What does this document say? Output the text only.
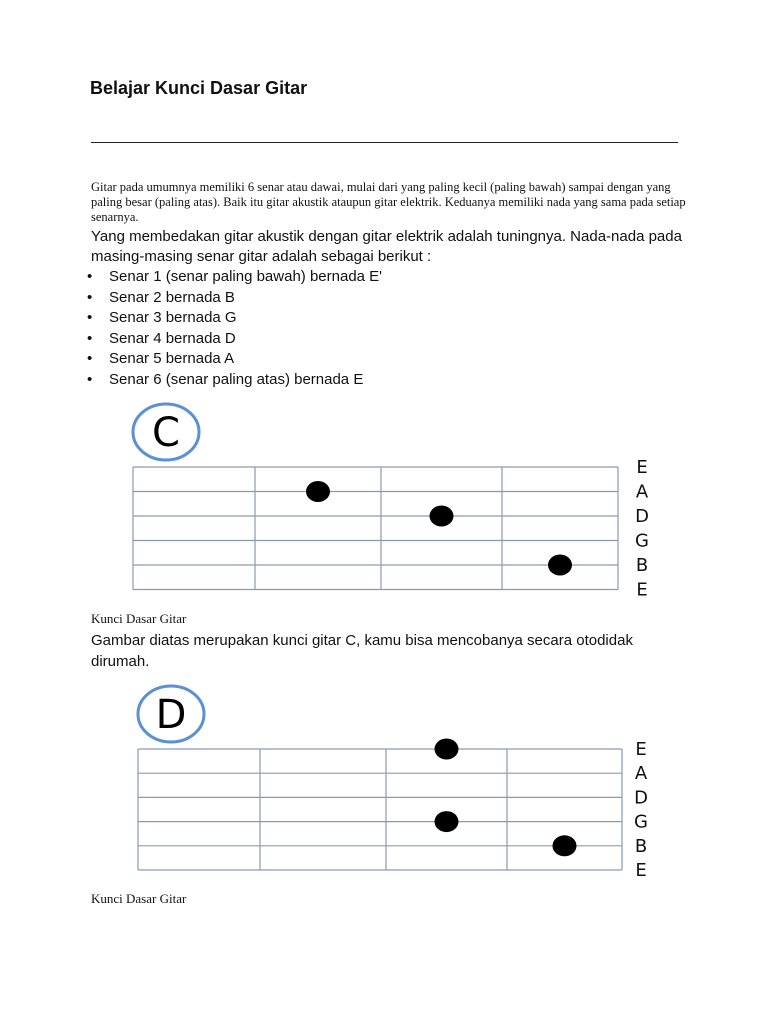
Belajar Kunci Dasar Gitar

Gitar pada umumnya memiliki 6 senar atau dawai, mulai dari yang paling kecil (paling bawah) sampai dengan yang paling besar (paling atas). Baik itu gitar akustik ataupun gitar elektrik. Keduanya memiliki nada yang sama pada setiap senarnya.

Yang membedakan gitar akustik dengan gitar elektrik adalah tuningnya. Nada-nada pada masing-masing senar gitar adalah sebagai berikut :

• Senar 1 (senar paling bawah) bernada E'
• Senar 2 bernada B
• Senar 3 bernada G
• Senar 4 bernada D
• Senar 5 bernada A
• Senar 6 (senar paling atas) bernada E
C
E
A
D
G
B
E
Kunci Dasar Gitar

Gambar diatas merupakan kunci gitar C, kamu bisa mencobanya secara otodidak dirumah.

D
E
A
D
G
B
E
Kunci Dasar Gitar
